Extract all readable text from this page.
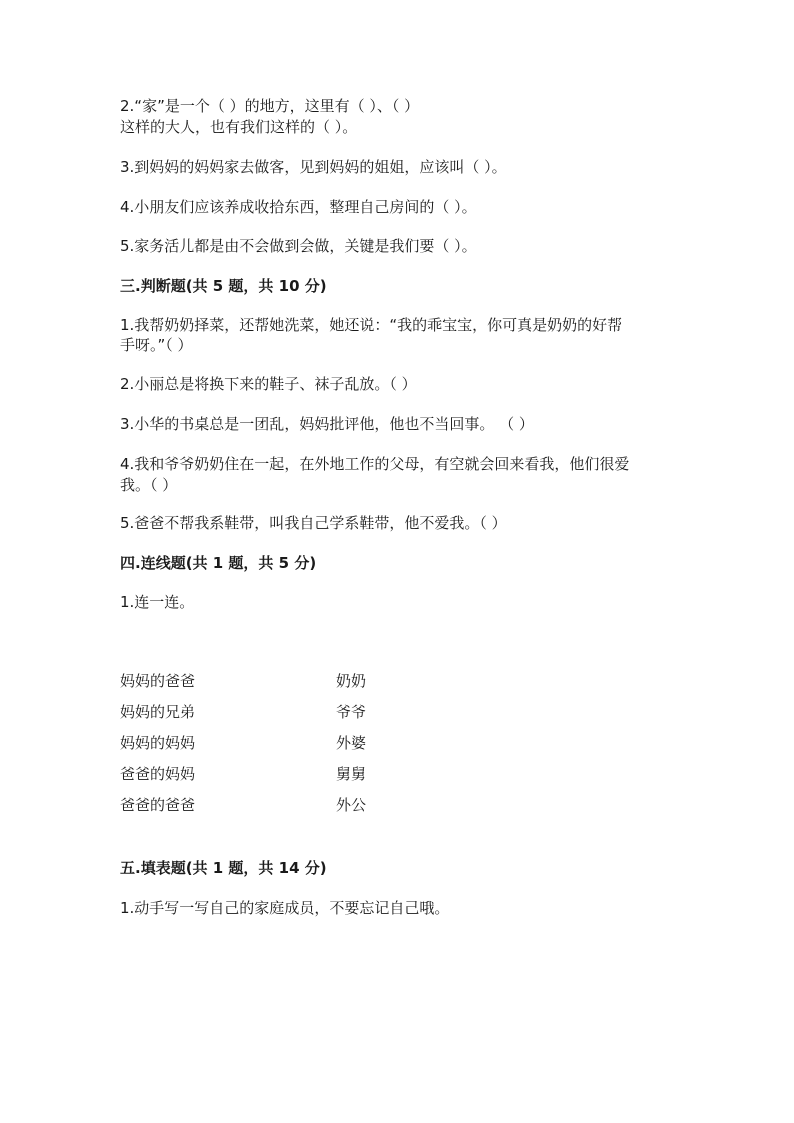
2.“家”是一个（ ）的地方，这里有（ ）、（ ）
这样的大人，也有我们这样的（ ）。
3.到妈妈的妈妈家去做客，见到妈妈的姐姐，应该叫（ ）。
4.小朋友们应该养成收拾东西，整理自己房间的（ ）。
5.家务活儿都是由不会做到会做，关键是我们要（ ）。
三.判断题(共 5 题，共 10 分)
1.我帮奶奶择菜，还帮她洗菜，她还说：“我的乖宝宝，你可真是奶奶的好帮
手呀。”（ ）
2.小丽总是将换下来的鞋子、袜子乱放。（ ）
3.小华的书桌总是一团乱，妈妈批评他，他也不当回事。 （ ）
4.我和爷爷奶奶住在一起，在外地工作的父母，有空就会回来看我，他们很爱
我。（ ）
5.爸爸不帮我系鞋带，叫我自己学系鞋带，他不爱我。（ ）
四.连线题(共 1 题，共 5 分)
1.连一连。
妈妈的爸爸
妈妈的兄弟
妈妈的妈妈
爸爸的妈妈
爸爸的爸爸
奶奶
爷爷
外婆
舅舅
外公
五.填表题(共 1 题，共 14 分)
1.动手写一写自己的家庭成员，不要忘记自己哦。
